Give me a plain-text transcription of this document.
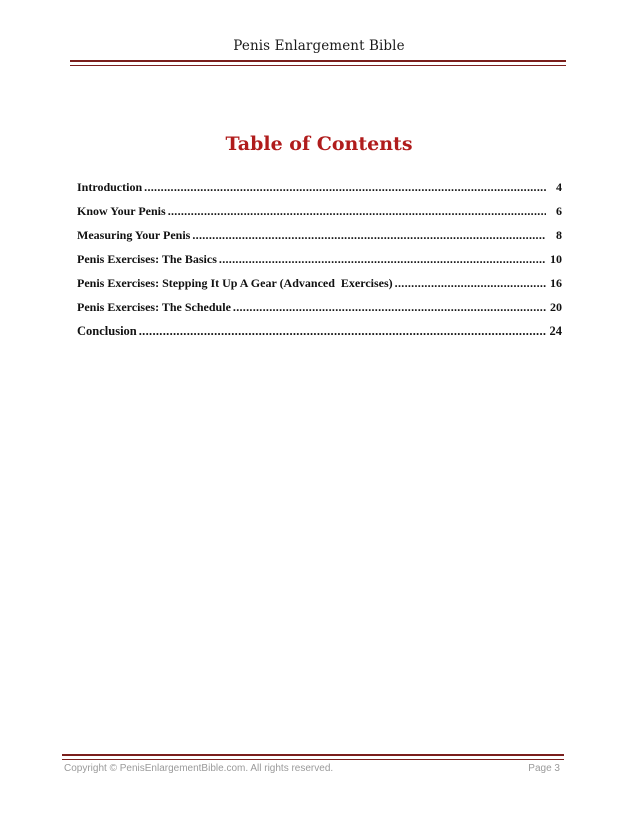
Penis Enlargement Bible
Table of Contents
Introduction .....	4
Know Your Penis .....	6
Measuring Your Penis .....	8
Penis Exercises: The Basics .....	10
Penis Exercises: Stepping It Up A Gear (Advanced  Exercises) .....	16
Penis Exercises: The Schedule .....	20
Conclusion .....	24
Copyright © PenisEnlargementBible.com. All rights reserved.	Page 3
